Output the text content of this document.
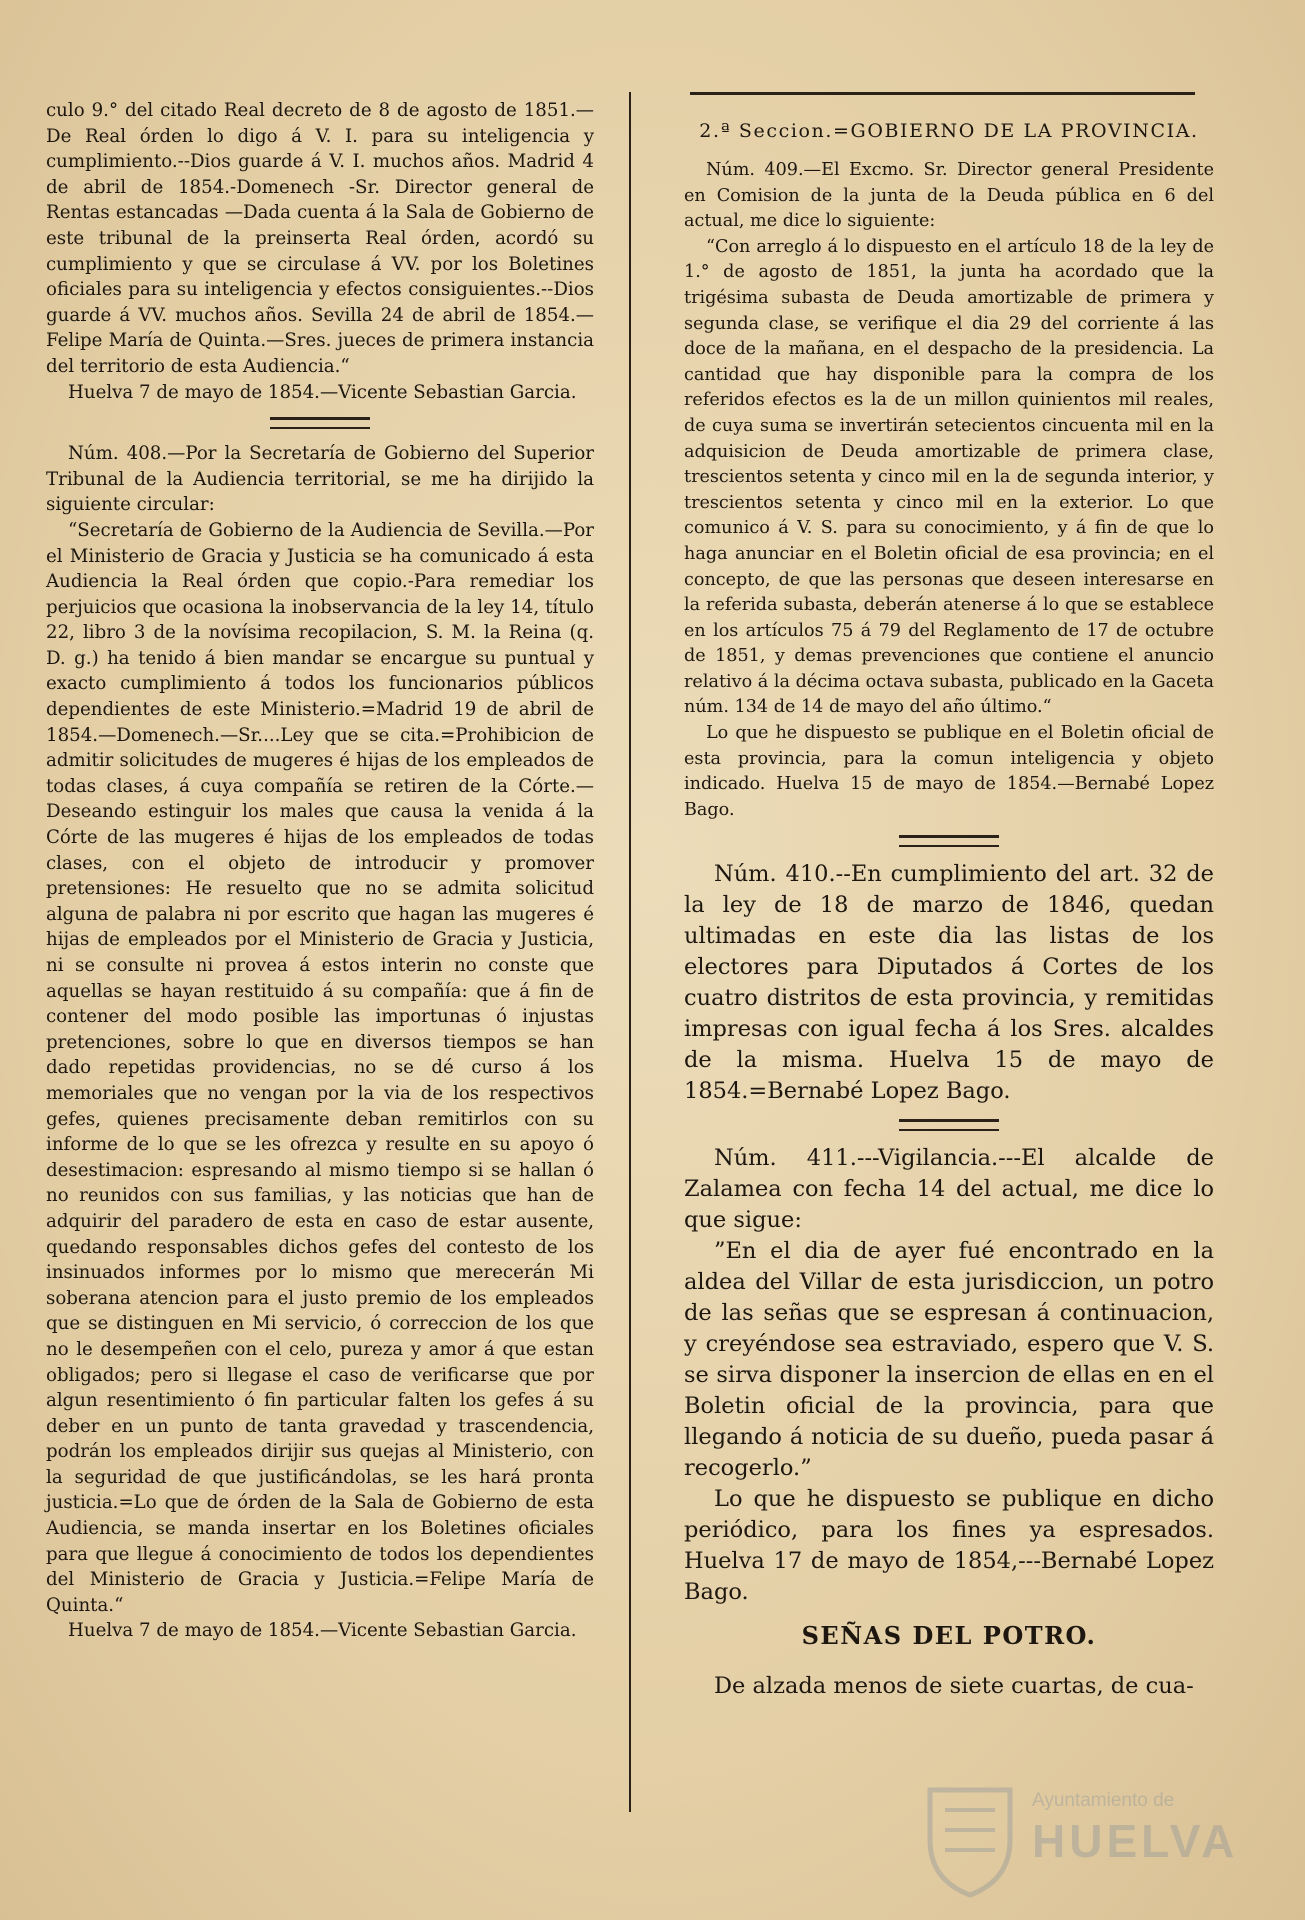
culo 9.° del citado Real decreto de 8 de agosto de 1851.—De Real órden lo digo á V. I. para su inteligencia y cumplimiento.--Dios guarde á V. I. muchos años. Madrid 4 de abril de 1854.-Domenech -Sr. Director general de Rentas estancadas —Dada cuenta á la Sala de Gobierno de este tribunal de la preinserta Real órden, acordó su cumplimiento y que se circulase á VV. por los Boletines oficiales para su inteligencia y efectos consiguientes.--Dios guarde á VV. muchos años. Sevilla 24 de abril de 1854.—Felipe María de Quinta.—Sres. jueces de primera instancia del territorio de esta Audiencia.“

Huelva 7 de mayo de 1854.—Vicente Sebastian Garcia.

Núm. 408.—Por la Secretaría de Gobierno del Superior Tribunal de la Audiencia territorial, se me ha dirijido la siguiente circular:

“Secretaría de Gobierno de la Audiencia de Sevilla.—Por el Ministerio de Gracia y Justicia se ha comunicado á esta Audiencia la Real órden que copio.-Para remediar los perjuicios que ocasiona la inobservancia de la ley 14, título 22, libro 3 de la novísima recopilacion, S. M. la Reina (q. D. g.) ha tenido á bien mandar se encargue su puntual y exacto cumplimiento á todos los funcionarios públicos dependientes de este Ministerio.=Madrid 19 de abril de 1854.—Domenech.—Sr....Ley que se cita.=Prohibicion de admitir solicitudes de mugeres é hijas de los empleados de todas clases, á cuya compañía se retiren de la Córte.—Deseando estinguir los males que causa la venida á la Córte de las mugeres é hijas de los empleados de todas clases, con el objeto de introducir y promover pretensiones: He resuelto que no se admita solicitud alguna de palabra ni por escrito que hagan las mugeres é hijas de empleados por el Ministerio de Gracia y Justicia, ni se consulte ni provea á estos interin no conste que aquellas se hayan restituido á su compañía: que á fin de contener del modo posible las importunas ó injustas pretenciones, sobre lo que en diversos tiempos se han dado repetidas providencias, no se dé curso á los memoriales que no vengan por la via de los respectivos gefes, quienes precisamente deban remitirlos con su informe de lo que se les ofrezca y resulte en su apoyo ó desestimacion: espresando al mismo tiempo si se hallan ó no reunidos con sus familias, y las noticias que han de adquirir del paradero de esta en caso de estar ausente, quedando responsables dichos gefes del contesto de los insinuados informes por lo mismo que merecerán Mi soberana atencion para el justo premio de los empleados que se distinguen en Mi servicio, ó correccion de los que no le desempeñen con el celo, pureza y amor á que estan obligados; pero si llegase el caso de verificarse que por algun resentimiento ó fin particular falten los gefes á su deber en un punto de tanta gravedad y trascendencia, podrán los empleados dirijir sus quejas al Ministerio, con la seguridad de que justificándolas, se les hará pronta justicia.=Lo que de órden de la Sala de Gobierno de esta Audiencia, se manda insertar en los Boletines oficiales para que llegue á conocimiento de todos los dependientes del Ministerio de Gracia y Justicia.=Felipe María de Quinta.“

Huelva 7 de mayo de 1854.—Vicente Sebastian Garcia.

2.ª Seccion.=GOBIERNO DE LA PROVINCIA.

Núm. 409.—El Excmo. Sr. Director general Presidente en Comision de la junta de la Deuda pública en 6 del actual, me dice lo siguiente:

“Con arreglo á lo dispuesto en el artículo 18 de la ley de 1.° de agosto de 1851, la junta ha acordado que la trigésima subasta de Deuda amortizable de primera y segunda clase, se verifique el dia 29 del corriente á las doce de la mañana, en el despacho de la presidencia. La cantidad que hay disponible para la compra de los referidos efectos es la de un millon quinientos mil reales, de cuya suma se invertirán setecientos cincuenta mil en la adquisicion de Deuda amortizable de primera clase, trescientos setenta y cinco mil en la de segunda interior, y trescientos setenta y cinco mil en la exterior. Lo que comunico á V. S. para su conocimiento, y á fin de que lo haga anunciar en el Boletin oficial de esa provincia; en el concepto, de que las personas que deseen interesarse en la referida subasta, deberán atenerse á lo que se establece en los artículos 75 á 79 del Reglamento de 17 de octubre de 1851, y demas prevenciones que contiene el anuncio relativo á la décima octava subasta, publicado en la Gaceta núm. 134 de 14 de mayo del año último.“

Lo que he dispuesto se publique en el Boletin oficial de esta provincia, para la comun inteligencia y objeto indicado. Huelva 15 de mayo de 1854.—Bernabé Lopez Bago.

Núm. 410.--En cumplimiento del art. 32 de la ley de 18 de marzo de 1846, quedan ultimadas en este dia las listas de los electores para Diputados á Cortes de los cuatro distritos de esta provincia, y remitidas impresas con igual fecha á los Sres. alcaldes de la misma. Huelva 15 de mayo de 1854.=Bernabé Lopez Bago.

Núm. 411.---Vigilancia.---El alcalde de Zalamea con fecha 14 del actual, me dice lo que sigue:

”En el dia de ayer fué encontrado en la aldea del Villar de esta jurisdiccion, un potro de las señas que se espresan á continuacion, y creyéndose sea estraviado, espero que V. S. se sirva disponer la insercion de ellas en en el Boletin oficial de la provincia, para que llegando á noticia de su dueño, pueda pasar á recogerlo.”

Lo que he dispuesto se publique en dicho periódico, para los fines ya espresados. Huelva 17 de mayo de 1854,---Bernabé Lopez Bago.

SEÑAS DEL POTRO.

De alzada menos de siete cuartas, de cua-

Ayuntamiento de
HUELVA
